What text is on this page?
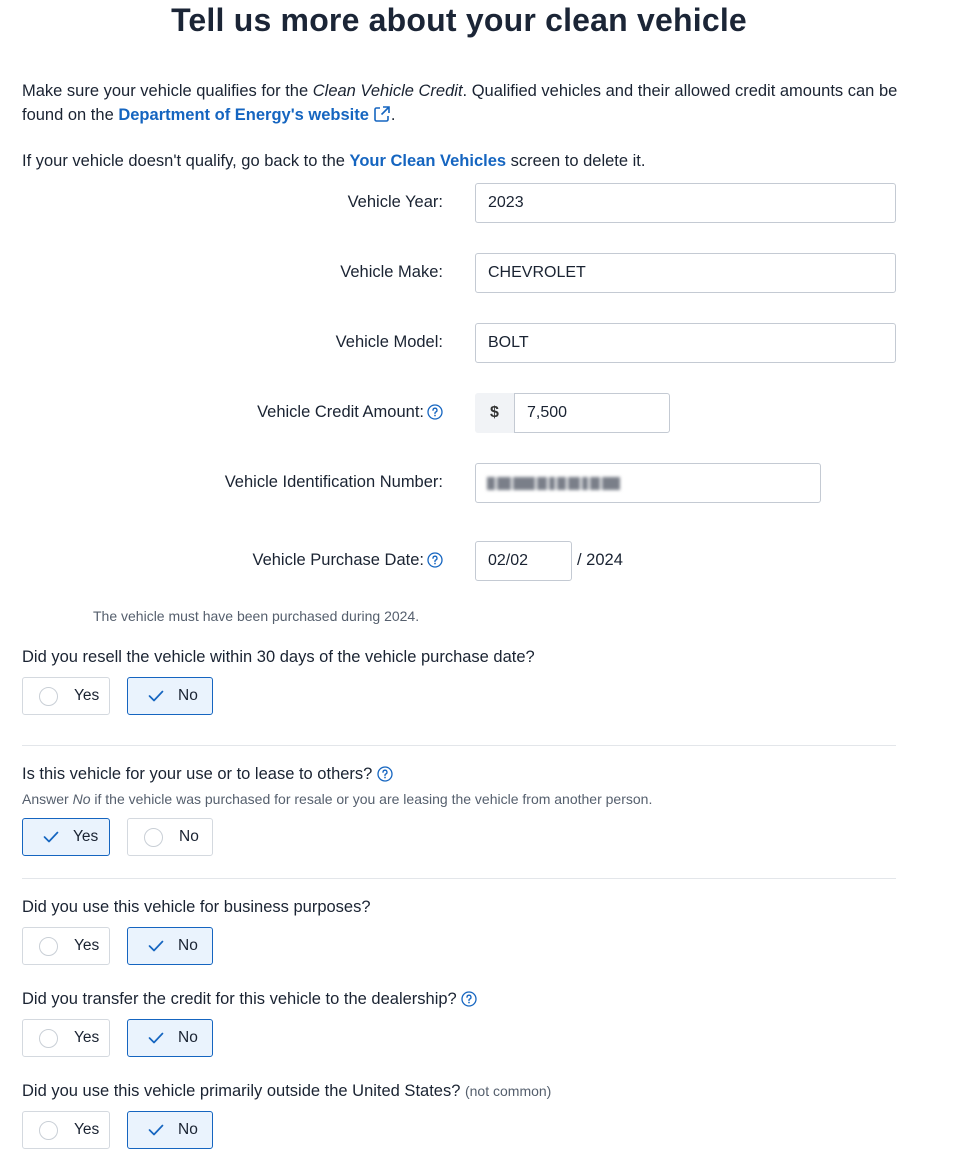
Tell us more about your clean vehicle
Make sure your vehicle qualifies for the Clean Vehicle Credit. Qualified vehicles and their allowed credit amounts can be found on the Department of Energy's website .
If your vehicle doesn't qualify, go back to the Your Clean Vehicles screen to delete it.
Vehicle Year:
2023
Vehicle Make:
CHEVROLET
Vehicle Model:
BOLT
Vehicle Credit Amount:	$
7,500
Vehicle Identification Number:
Vehicle Purchase Date:
02/02	/ 2024
The vehicle must have been purchased during 2024.
Did you resell the vehicle within 30 days of the vehicle purchase date?
Yes	No
Is this vehicle for your use or to lease to others?
Answer No if the vehicle was purchased for resale or you are leasing the vehicle from another person.
Yes	No
Did you use this vehicle for business purposes?
Yes	No
Did you transfer the credit for this vehicle to the dealership?
Yes	No
Did you use this vehicle primarily outside the United States? (not common)
Yes	No
